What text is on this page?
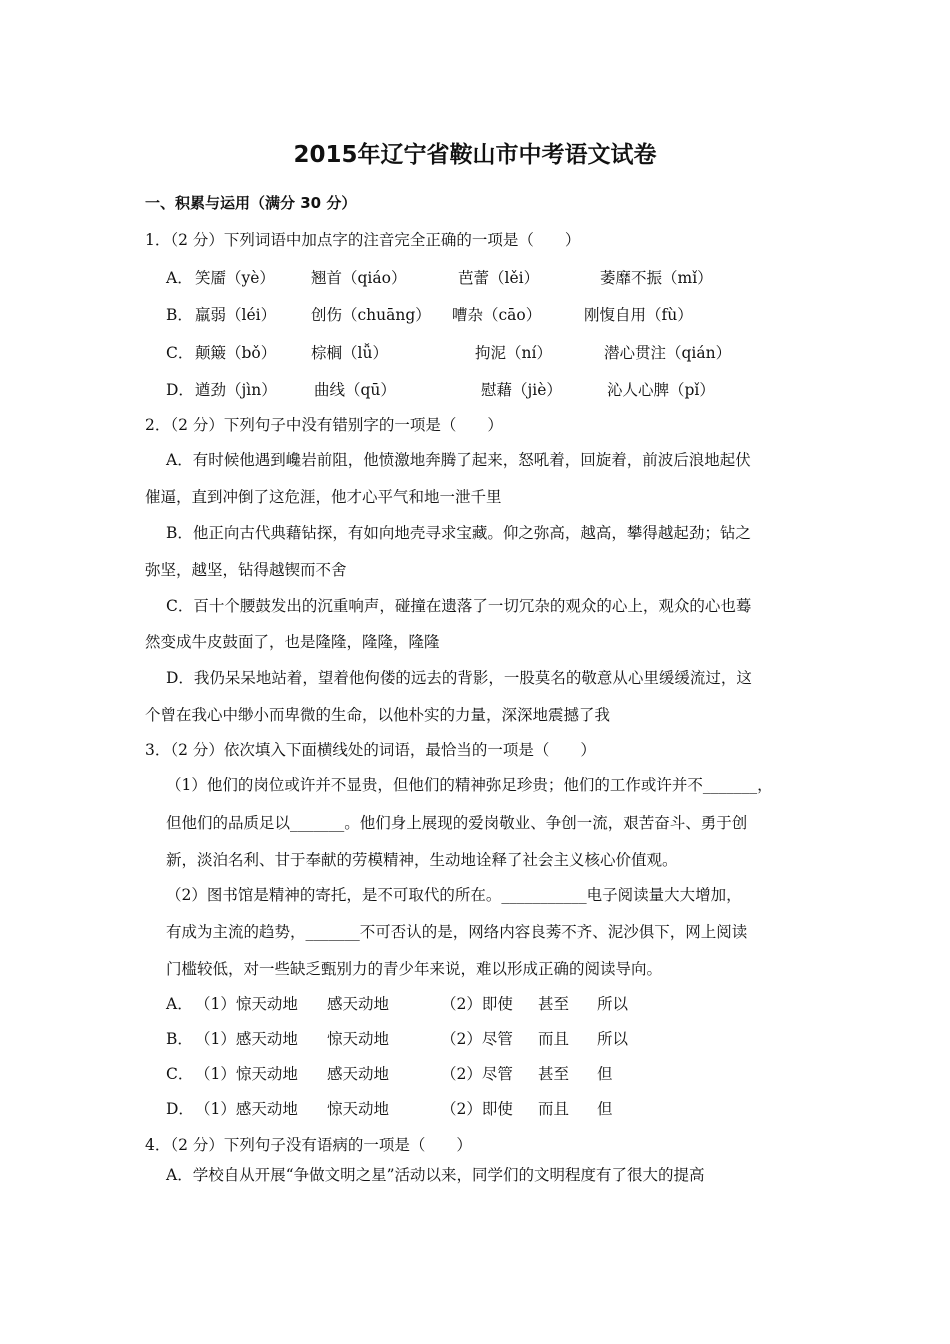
2015年辽宁省鞍山市中考语文试卷
一、积累与运用（满分 30 分）
1．（2 分）下列词语中加点字的注音完全正确的一项是（　　）
A． 笑靥（yè） 翘首（qiáo）	芭蕾（lěi）	萎靡不振（mǐ）
B． 羸弱（léi） 创伤（chuāng） 嘈杂（cāo）	刚愎自用（fù）
C． 颠簸（bǒ） 棕榈（lǚ）	拘泥（ní）	潜心贯注（qián）
D． 遒劲（jìn） 曲线（qū）	慰藉（jiè）	沁人心脾（pǐ）
2．（2 分）下列句子中没有错别字的一项是（　　）
A．有时候他遇到巉岩前阻，他愤激地奔腾了起来，怒吼着，回旋着，前波后浪地起伏
催逼，直到冲倒了这危涯，他才心平气和地一泄千里
B．他正向古代典藉钻探，有如向地壳寻求宝藏。仰之弥高，越高，攀得越起劲；钻之
弥坚，越坚，钻得越锲而不舍
C．百十个腰鼓发出的沉重响声，碰撞在遗落了一切冗杂的观众的心上，观众的心也蓦
然变成牛皮鼓面了，也是隆隆，隆隆，隆隆
D．我仍呆呆地站着，望着他佝偻的远去的背影，一股莫名的敬意从心里缓缓流过，这
个曾在我心中缈小而卑微的生命，以他朴实的力量，深深地震撼了我
3．（2 分）依次填入下面横线处的词语，最恰当的一项是（　　）
（1）他们的岗位或许并不显贵，但他们的精神弥足珍贵；他们的工作或许并不_______，
但他们的品质足以_______。他们身上展现的爱岗敬业、争创一流，艰苦奋斗、勇于创
新，淡泊名利、甘于奉献的劳模精神，生动地诠释了社会主义核心价值观。
（2）图书馆是精神的寄托，是不可取代的所在。___________电子阅读量大大增加，
有成为主流的趋势，_______不可否认的是，网络内容良莠不齐、泥沙俱下，网上阅读
门槛较低，对一些缺乏甄别力的青少年来说，难以形成正确的阅读导向。
A． （1）惊天动地 感天动地	（2）即使 甚至 所以
B． （1）感天动地 惊天动地	（2）尽管 而且 所以
C． （1）惊天动地 感天动地	（2）尽管 甚至 但
D． （1）感天动地 惊天动地	（2）即使 而且 但
4．（2 分）下列句子没有语病的一项是（　　）
A．学校自从开展“争做文明之星”活动以来，同学们的文明程度有了很大的提高
